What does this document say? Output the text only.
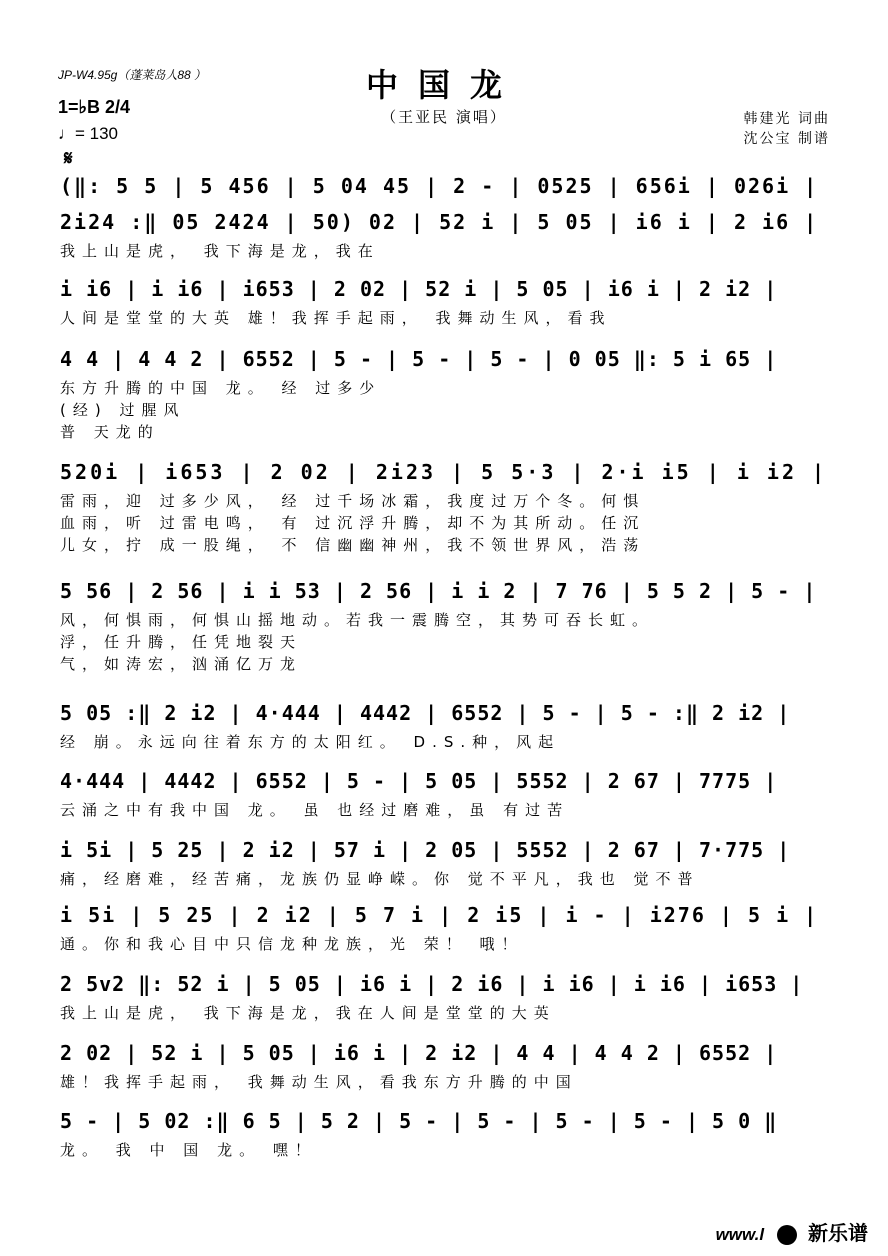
JP-W4.95g（蓬莱岛人88 ）	中国龙
（王亚民 演唱）
1=♭B 2/4
♩= 130
韩建光 词曲
沈公宝 制谱
𝄋
(‖: 5 5 | 5 456 | 5 04 45 | 2 - | 0525 | 656i | 026i |
2i24 :‖ 05 2424 | 50) 02 | 52 i | 5 05 | i6 i | 2 i6 |
我上山是虎， 我下海是龙，我在
i i6 | i i6 | i653 | 2 02 | 52 i | 5 05 | i6 i | 2 i2 |
人间是堂堂的大英 雄！我挥手起雨， 我舞动生风，看我
4 4 | 4 4 2 | 6552 | 5 - | 5 - | 5 - | 0 05 ‖: 5 i 65 |
东方升腾的中国 龙。 经 过多少
(经) 过腥风
普 天龙的
520i | i653 | 2 02 | 2i23 | 5 5·3 | 2·i i5 | i i2 |
雷雨，迎 过多少风， 经 过千场冰霜，我度过万个冬。何惧
血雨，听 过雷电鸣， 有 过沉浮升腾，却不为其所动。任沉
儿女，拧 成一股绳， 不 信幽幽神州，我不领世界风，浩荡
5 56 | 2 56 | i i 53 | 2 56 | i i 2 | 7 76 | 5 5 2 | 5 - |
风，何惧雨，何惧山摇地动。若我一震腾空，其势可吞长虹。
浮，任升腾，任凭地裂天
气，如涛宏，汹涌亿万龙
5 05 :‖ 2 i2 | 4·444 | 4442 | 6552 | 5 - | 5 - :‖ 2 i2 |
经 崩。永远向往着东方的太阳红。 D.S.种，风起
4·444 | 4442 | 6552 | 5 - | 5 05 | 5552 | 2 67 | 7775 |
云涌之中有我中国 龙。 虽 也经过磨难，虽 有过苦
i 5i | 5 25 | 2 i2 | 57 i | 2 05 | 5552 | 2 67 | 7·775 |
痛，经磨难，经苦痛，龙族仍显峥嵘。你 觉不平凡，我也 觉不普
i 5i | 5 25 | 2 i2 | 5 7 i | 2 i5 | i - | i276 | 5 i |
通。你和我心目中只信龙种龙族，光 荣！ 哦！
2 5v2 ‖: 52 i | 5 05 | i6 i | 2 i6 | i i6 | i i6 | i653 |
我上山是虎， 我下海是龙，我在人间是堂堂的大英
2 02 | 52 i | 5 05 | i6 i | 2 i2 | 4 4 | 4 4 2 | 6552 |
雄！我挥手起雨， 我舞动生风，看我东方升腾的中国
5 - | 5 02 :‖ 6 5 | 5 2 | 5 - | 5 - | 5 - | 5 - | 5 0 ‖
龙。 我 中 国 龙。 嘿！
www.l 新乐谱
